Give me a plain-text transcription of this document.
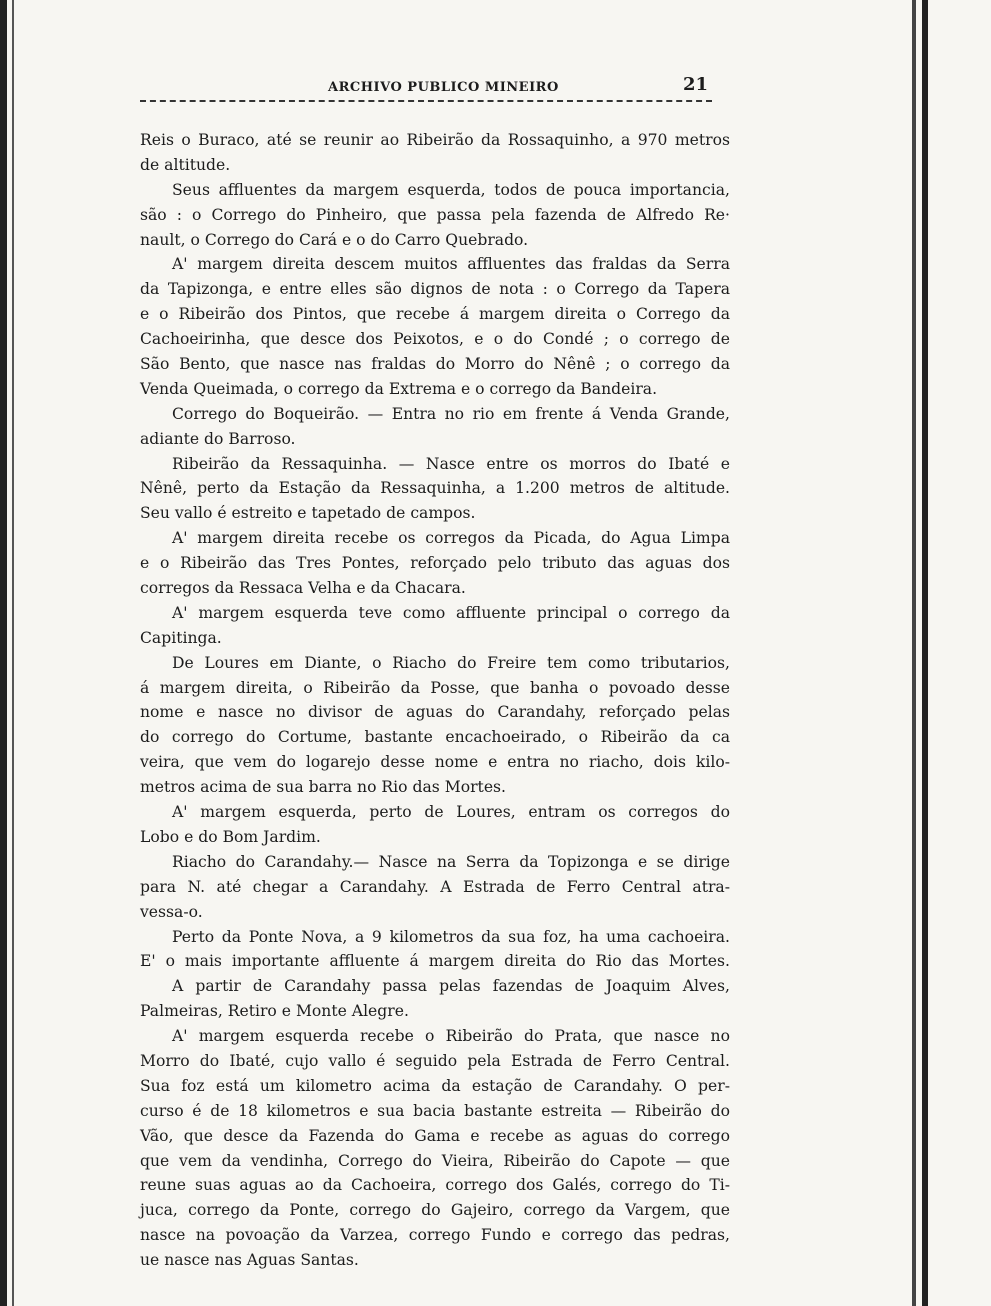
ARCHIVO PUBLICO MINEIRO	21
Reis o Buraco, até se reunir ao Ribeirão da Rossaquinho, a 970 metros
de altitude.
Seus affluentes da margem esquerda, todos de pouca importancia,
são : o Corrego do Pinheiro, que passa pela fazenda de Alfredo Re·
nault, o Corrego do Cará e o do Carro Quebrado.
A' margem direita descem muitos affluentes das fraldas da Serra
da Tapizonga, e entre elles são dignos de nota : o Corrego da Tapera
e o Ribeirão dos Pintos, que recebe á margem direita o Corrego da
Cachoeirinha, que desce dos Peixotos, e o do Condé ; o corrego de
São Bento, que nasce nas fraldas do Morro do Nênê ; o corrego da
Venda Queimada, o corrego da Extrema e o corrego da Bandeira.
Corrego do Boqueirão. — Entra no rio em frente á Venda Grande,
adiante do Barroso.
Ribeirão da Ressaquinha. — Nasce entre os morros do Ibaté e
Nênê, perto da Estação da Ressaquinha, a 1.200 metros de altitude.
Seu vallo é estreito e tapetado de campos.
A' margem direita recebe os corregos da Picada, do Agua Limpa
e o Ribeirão das Tres Pontes, reforçado pelo tributo das aguas dos
corregos da Ressaca Velha e da Chacara.
A' margem esquerda teve como affluente principal o corrego da
Capitinga.
De Loures em Diante, o Riacho do Freire tem como tributarios,
á margem direita, o Ribeirão da Posse, que banha o povoado desse
nome e nasce no divisor de aguas do Carandahy, reforçado pelas
do corrego do Cortume, bastante encachoeirado, o Ribeirão da ca
veira, que vem do logarejo desse nome e entra no riacho, dois kilo-
metros acima de sua barra no Rio das Mortes.
A' margem esquerda, perto de Loures, entram os corregos do
Lobo e do Bom Jardim.
Riacho do Carandahy.— Nasce na Serra da Topizonga e se dirige
para N. até chegar a Carandahy. A Estrada de Ferro Central atra-
vessa-o.
Perto da Ponte Nova, a 9 kilometros da sua foz, ha uma cachoeira.
E' o mais importante affluente á margem direita do Rio das Mortes.
A partir de Carandahy passa pelas fazendas de Joaquim Alves,
Palmeiras, Retiro e Monte Alegre.
A' margem esquerda recebe o Ribeirão do Prata, que nasce no
Morro do Ibaté, cujo vallo é seguido pela Estrada de Ferro Central.
Sua foz está um kilometro acima da estação de Carandahy. O per-
curso é de 18 kilometros e sua bacia bastante estreita — Ribeirão do
Vão, que desce da Fazenda do Gama e recebe as aguas do corrego
que vem da vendinha, Corrego do Vieira, Ribeirão do Capote — que
reune suas aguas ao da Cachoeira, corrego dos Galés, corrego do Ti-
juca, corrego da Ponte, corrego do Gajeiro, corrego da Vargem, que
nasce na povoação da Varzea, corrego Fundo e corrego das pedras,
ue nasce nas Aguas Santas.
